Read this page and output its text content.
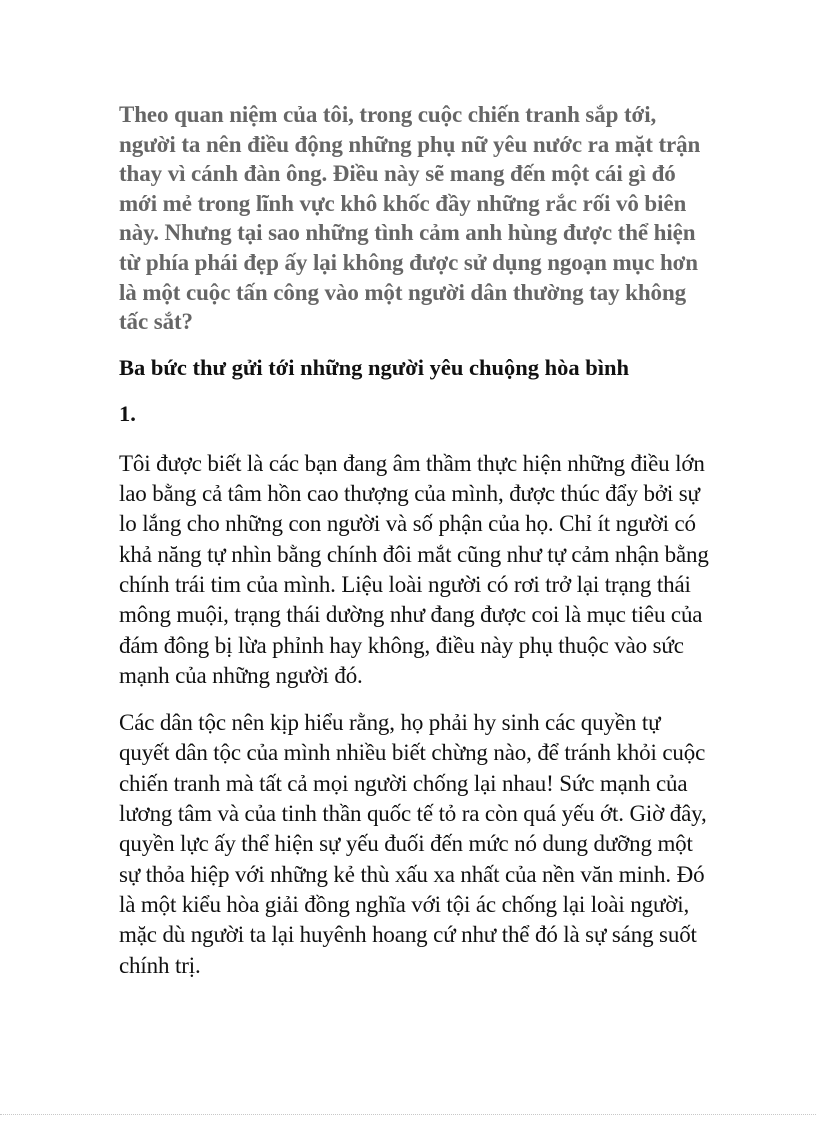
Theo quan niệm của tôi, trong cuộc chiến tranh sắp tới, người ta nên điều động những phụ nữ yêu nước ra mặt trận thay vì cánh đàn ông. Điều này sẽ mang đến một cái gì đó mới mẻ trong lĩnh vực khô khốc đầy những rắc rối vô biên này. Nhưng tại sao những tình cảm anh hùng được thể hiện từ phía phái đẹp ấy lại không được sử dụng ngoạn mục hơn là một cuộc tấn công vào một người dân thường tay không tấc sắt?

Ba bức thư gửi tới những người yêu chuộng hòa bình

1.

Tôi được biết là các bạn đang âm thầm thực hiện những điều lớn lao bằng cả tâm hồn cao thượng của mình, được thúc đẩy bởi sự lo lắng cho những con người và số phận của họ. Chỉ ít người có khả năng tự nhìn bằng chính đôi mắt cũng như tự cảm nhận bằng chính trái tim của mình. Liệu loài người có rơi trở lại trạng thái mông muội, trạng thái dường như đang được coi là mục tiêu của đám đông bị lừa phỉnh hay không, điều này phụ thuộc vào sức mạnh của những người đó.

Các dân tộc nên kịp hiểu rằng, họ phải hy sinh các quyền tự quyết dân tộc của mình nhiều biết chừng nào, để tránh khỏi cuộc chiến tranh mà tất cả mọi người chống lại nhau! Sức mạnh của lương tâm và của tinh thần quốc tế tỏ ra còn quá yếu ớt. Giờ đây, quyền lực ấy thể hiện sự yếu đuối đến mức nó dung dưỡng một sự thỏa hiệp với những kẻ thù xấu xa nhất của nền văn minh. Đó là một kiểu hòa giải đồng nghĩa với tội ác chống lại loài người, mặc dù người ta lại huyênh hoang cứ như thể đó là sự sáng suốt chính trị.
